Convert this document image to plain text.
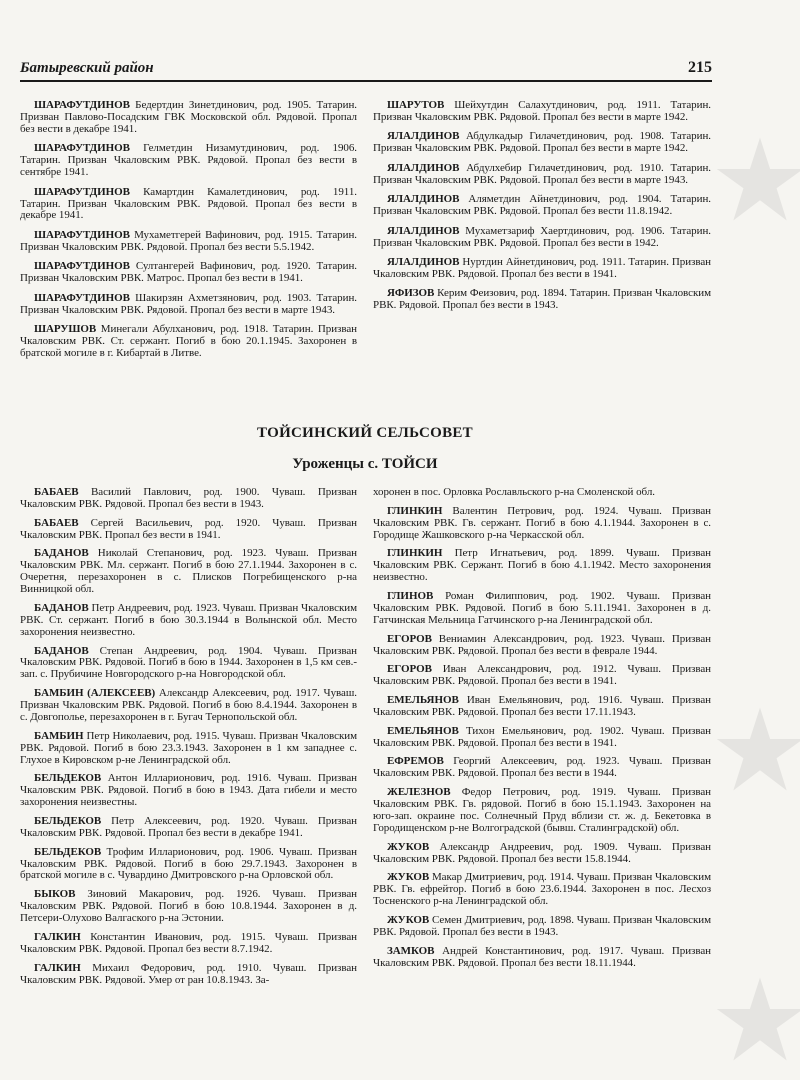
Батыревский район	215

ШАРАФУТДИНОВ Бедертдин Зинетдинович, род. 1905. Татарин. Призван Павлово-Посадским ГВК Московской обл. Рядовой. Пропал без вести в декабре 1941.

ШАРАФУТДИНОВ Гелметдин Низамутдинович, род. 1906. Татарин. Призван Чкаловским РВК. Рядовой. Пропал без вести в сентябре 1941.

ШАРАФУТДИНОВ Камартдин Камалетдинович, род. 1911. Татарин. Призван Чкаловским РВК. Рядовой. Пропал без вести в декабре 1941.

ШАРАФУТДИНОВ Мухаметгерей Вафинович, род. 1915. Татарин. Призван Чкаловским РВК. Рядовой. Пропал без вести 5.5.1942.

ШАРАФУТДИНОВ Султангерей Вафинович, род. 1920. Татарин. Призван Чкаловским РВК. Матрос. Пропал без вести в 1941.

ШАРАФУТДИНОВ Шакирзян Ахметзянович, род. 1903. Татарин. Призван Чкаловским РВК. Рядовой. Пропал без вести в марте 1943.

ШАРУШОВ Минегали Абулханович, род. 1918. Татарин. Призван Чкаловским РВК. Ст. сержант. Погиб в бою 20.1.1945. Захоронен в братской могиле в г. Кибартай в Литве.

ШАРУТОВ Шейхутдин Салахутдинович, род. 1911. Татарин. Призван Чкаловским РВК. Рядовой. Пропал без вести в марте 1942.

ЯЛАЛДИНОВ Абдулкадыр Гилачетдинович, род. 1908. Татарин. Призван Чкаловским РВК. Рядовой. Пропал без вести в марте 1942.

ЯЛАЛДИНОВ Абдулхебир Гилачетдинович, род. 1910. Татарин. Призван Чкаловским РВК. Рядовой. Пропал без вести в марте 1943.

ЯЛАЛДИНОВ Аляметдин Айнетдинович, род. 1904. Татарин. Призван Чкаловским РВК. Рядовой. Пропал без вести 11.8.1942.

ЯЛАЛДИНОВ Мухаметзариф Хаертдинович, род. 1906. Татарин. Призван Чкаловским РВК. Рядовой. Пропал без вести в 1942.

ЯЛАЛДИНОВ Нуртдин Айнетдинович, род. 1911. Татарин. Призван Чкаловским РВК. Рядовой. Пропал без вести в 1941.

ЯФИЗОВ Керим Феизович, род. 1894. Татарин. Призван Чкаловским РВК. Рядовой. Пропал без вести в 1943.

ТОЙСИНСКИЙ СЕЛЬСОВЕТ
Уроженцы с. ТОЙСИ

БАБАЕВ Василий Павлович, род. 1900. Чуваш. Призван Чкаловским РВК. Рядовой. Пропал без вести в 1943.

БАБАЕВ Сергей Васильевич, род. 1920. Чуваш. Призван Чкаловским РВК. Пропал без вести в 1941.

БАДАНОВ Николай Степанович, род. 1923. Чуваш. Призван Чкаловским РВК. Мл. сержант. Погиб в бою 27.1.1944. Захоронен в с. Очеретня, перезахоронен в с. Плисков Погребищенского р-на Винницкой обл.

БАДАНОВ Петр Андреевич, род. 1923. Чуваш. Призван Чкаловским РВК. Ст. сержант. Погиб в бою 30.3.1944 в Волынской обл. Место захоронения неизвестно.

БАДАНОВ Степан Андреевич, род. 1904. Чуваш. Призван Чкаловским РВК. Рядовой. Погиб в бою в 1944. Захоронен в 1,5 км сев.-зап. с. Прубичине Новгородского р-на Новгородской обл.

БАМБИН (АЛЕКСЕЕВ) Александр Алексеевич, род. 1917. Чуваш. Призван Чкаловским РВК. Рядовой. Погиб в бою 8.4.1944. Захоронен в с. Довгополье, перезахоронен в г. Бугач Тернопольской обл.

БАМБИН Петр Николаевич, род. 1915. Чуваш. Призван Чкаловским РВК. Рядовой. Погиб в бою 23.3.1943. Захоронен в 1 км западнее с. Глухое в Кировском р-не Ленинградской обл.

БЕЛЬДЕКОВ Антон Илларионович, род. 1916. Чуваш. Призван Чкаловским РВК. Рядовой. Погиб в бою в 1943. Дата гибели и место захоронения неизвестны.

БЕЛЬДЕКОВ Петр Алексеевич, род. 1920. Чуваш. Призван Чкаловским РВК. Рядовой. Пропал без вести в декабре 1941.

БЕЛЬДЕКОВ Трофим Илларионович, род. 1906. Чуваш. Призван Чкаловским РВК. Рядовой. Погиб в бою 29.7.1943. Захоронен в братской могиле в с. Чувардино Дмитровского р-на Орловской обл.

БЫКОВ Зиновий Макарович, род. 1926. Чуваш. Призван Чкаловским РВК. Рядовой. Погиб в бою 10.8.1944. Захоронен в д. Петсери-Олухово Валгаского р-на Эстонии.

ГАЛКИН Константин Иванович, род. 1915. Чуваш. Призван Чкаловским РВК. Рядовой. Пропал без вести 8.7.1942.

ГАЛКИН Михаил Федорович, род. 1910. Чуваш. Призван Чкаловским РВК. Рядовой. Умер от ран 10.8.1943. За-

хоронен в пос. Орловка Рославльского р-на Смоленской обл.

ГЛИНКИН Валентин Петрович, род. 1924. Чуваш. Призван Чкаловским РВК. Гв. сержант. Погиб в бою 4.1.1944. Захоронен в с. Городище Жашковского р-на Черкасской обл.

ГЛИНКИН Петр Игнатьевич, род. 1899. Чуваш. Призван Чкаловским РВК. Сержант. Погиб в бою 4.1.1942. Место захоронения неизвестно.

ГЛИНОВ Роман Филиппович, род. 1902. Чуваш. Призван Чкаловским РВК. Рядовой. Погиб в бою 5.11.1941. Захоронен в д. Гатчинская Мельница Гатчинского р-на Ленинградской обл.

ЕГОРОВ Вениамин Александрович, род. 1923. Чуваш. Призван Чкаловским РВК. Рядовой. Пропал без вести в феврале 1944.

ЕГОРОВ Иван Александрович, род. 1912. Чуваш. Призван Чкаловским РВК. Рядовой. Пропал без вести в 1941.

ЕМЕЛЬЯНОВ Иван Емельянович, род. 1916. Чуваш. Призван Чкаловским РВК. Рядовой. Пропал без вести 17.11.1943.

ЕМЕЛЬЯНОВ Тихон Емельянович, род. 1902. Чуваш. Призван Чкаловским РВК. Рядовой. Пропал без вести в 1941.

ЕФРЕМОВ Георгий Алексеевич, род. 1923. Чуваш. Призван Чкаловским РВК. Рядовой. Пропал без вести в 1944.

ЖЕЛЕЗНОВ Федор Петрович, род. 1919. Чуваш. Призван Чкаловским РВК. Гв. рядовой. Погиб в бою 15.1.1943. Захоронен на юго-зап. окраине пос. Солнечный Пруд вблизи ст. ж. д. Бекетовка в Городищенском р-не Волгоградской (бывш. Сталинградской) обл.

ЖУКОВ Александр Андреевич, род. 1909. Чуваш. Призван Чкаловским РВК. Рядовой. Пропал без вести 15.8.1944.

ЖУКОВ Макар Дмитриевич, род. 1914. Чуваш. Призван Чкаловским РВК. Гв. ефрейтор. Погиб в бою 23.6.1944. Захоронен в пос. Лесхоз Тосненского р-на Ленинградской обл.

ЖУКОВ Семен Дмитриевич, род. 1898. Чуваш. Призван Чкаловским РВК. Рядовой. Пропал без вести в 1943.

ЗАМКОВ Андрей Константинович, род. 1917. Чуваш. Призван Чкаловским РВК. Рядовой. Пропал без вести 18.11.1944.
